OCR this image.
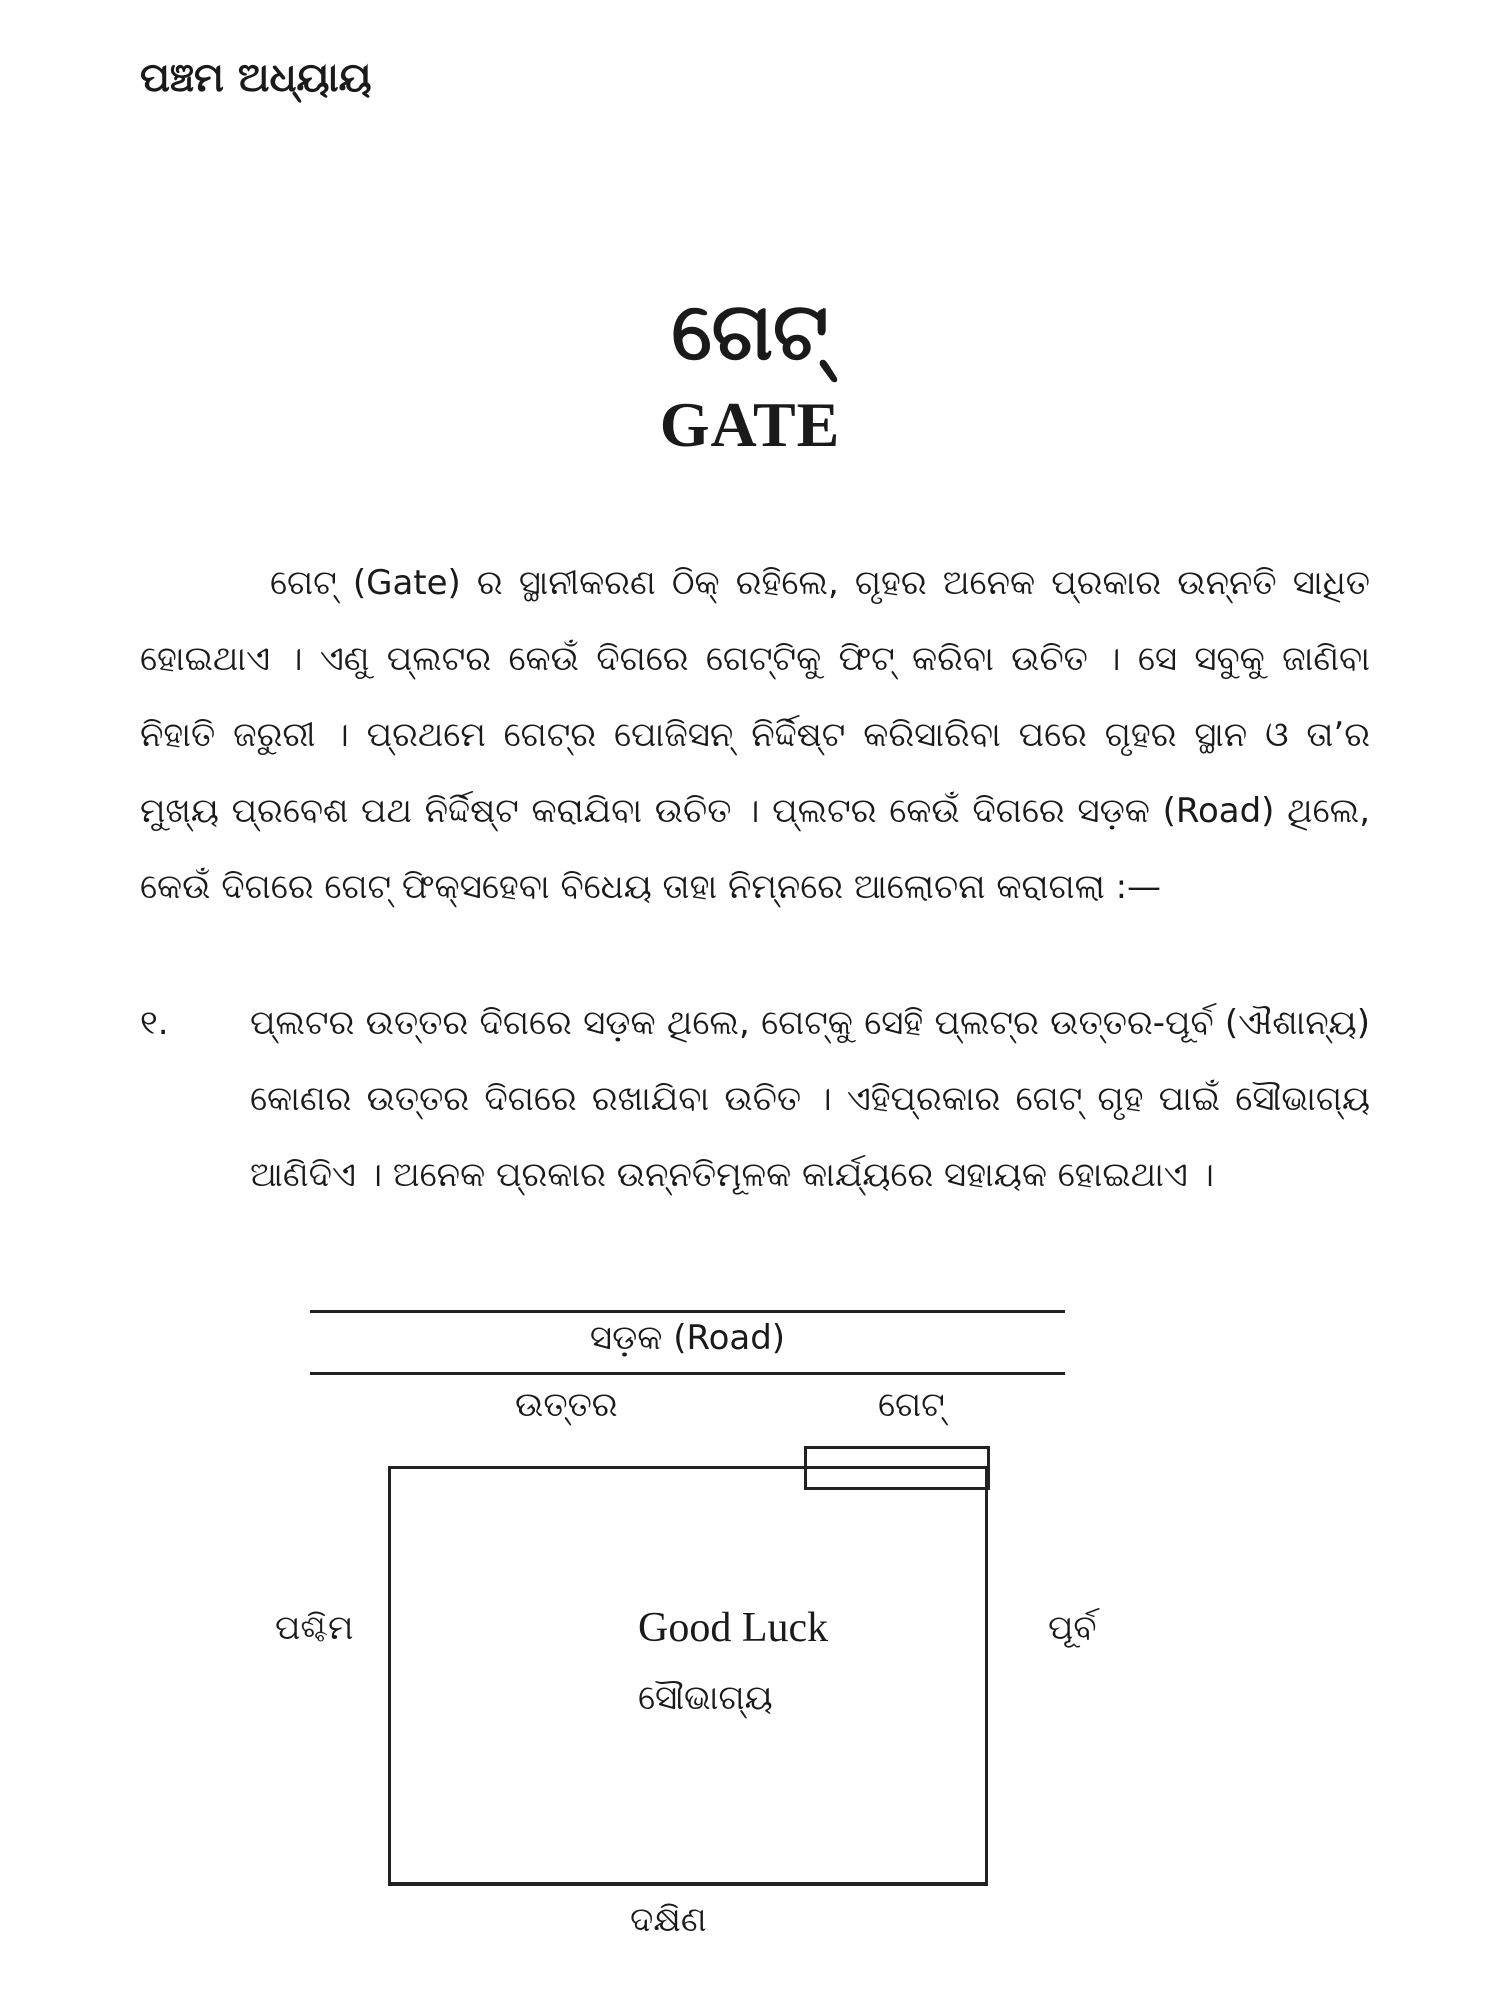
ପଞ୍ଚମ ଅଧ୍ୟାୟ
ଗେଟ୍
GATE
ଗେଟ୍ (Gate) ର ସ୍ଥାନୀକରଣ ଠିକ୍ ରହିଲେ, ଗୃହର ଅନେକ ପ୍ରକାର ଉନ୍ନତି ସାଧିତ ହୋଇଥାଏ । ଏଣୁ ପ୍ଲଟର କେଉଁ ଦିଗରେ ଗେଟ୍‌ଟିକୁ ଫିଟ୍ କରିବା ଉଚିତ । ସେ ସବୁକୁ ଜାଣିବା ନିହାତି ଜରୁରୀ । ପ୍ରଥମେ ଗେଟ୍‌ର ପୋଜିସନ୍ ନିର୍ଦ୍ଦିଷ୍ଟ କରିସାରିବା ପରେ ଗୃହର ସ୍ଥାନ ଓ ତା’ର ମୁଖ୍ୟ ପ୍ରବେଶ ପଥ ନିର୍ଦ୍ଦିଷ୍ଟ କରାଯିବା ଉଚିତ । ପ୍ଲଟର କେଉଁ ଦିଗରେ ସଡ଼କ (Road) ଥିଲେ, କେଉଁ ଦିଗରେ ଗେଟ୍ ଫିକ୍ସହେବା ବିଧେୟ ତାହା ନିମ୍ନରେ ଆଲୋଚନା କରାଗଲା :—
୧. ପ୍ଲଟର ଉତ୍ତର ଦିଗରେ ସଡ଼କ ଥିଲେ, ଗେଟ୍‌କୁ ସେହି ପ୍ଲଟ୍‌ର ଉତ୍ତର-ପୂର୍ବ (ଐଶାନ୍ୟ) କୋଣର ଉତ୍ତର ଦିଗରେ ରଖାଯିବା ଉଚିତ । ଏହିପ୍ରକାର ଗେଟ୍ ଗୃହ ପାଇଁ ସୌଭାଗ୍ୟ ଆଣିଦିଏ । ଅନେକ ପ୍ରକାର ଉନ୍ନତିମୂଳକ କାର୍ଯ୍ୟରେ ସହାୟକ ହୋଇଥାଏ ।
ସଡ଼କ (Road)
ଉତ୍ତର	ଗେଟ୍
ପଶ୍ଚିମ	ପୂର୍ବ
Good Luck
ସୌଭାଗ୍ୟ
ଦକ୍ଷିଣ
